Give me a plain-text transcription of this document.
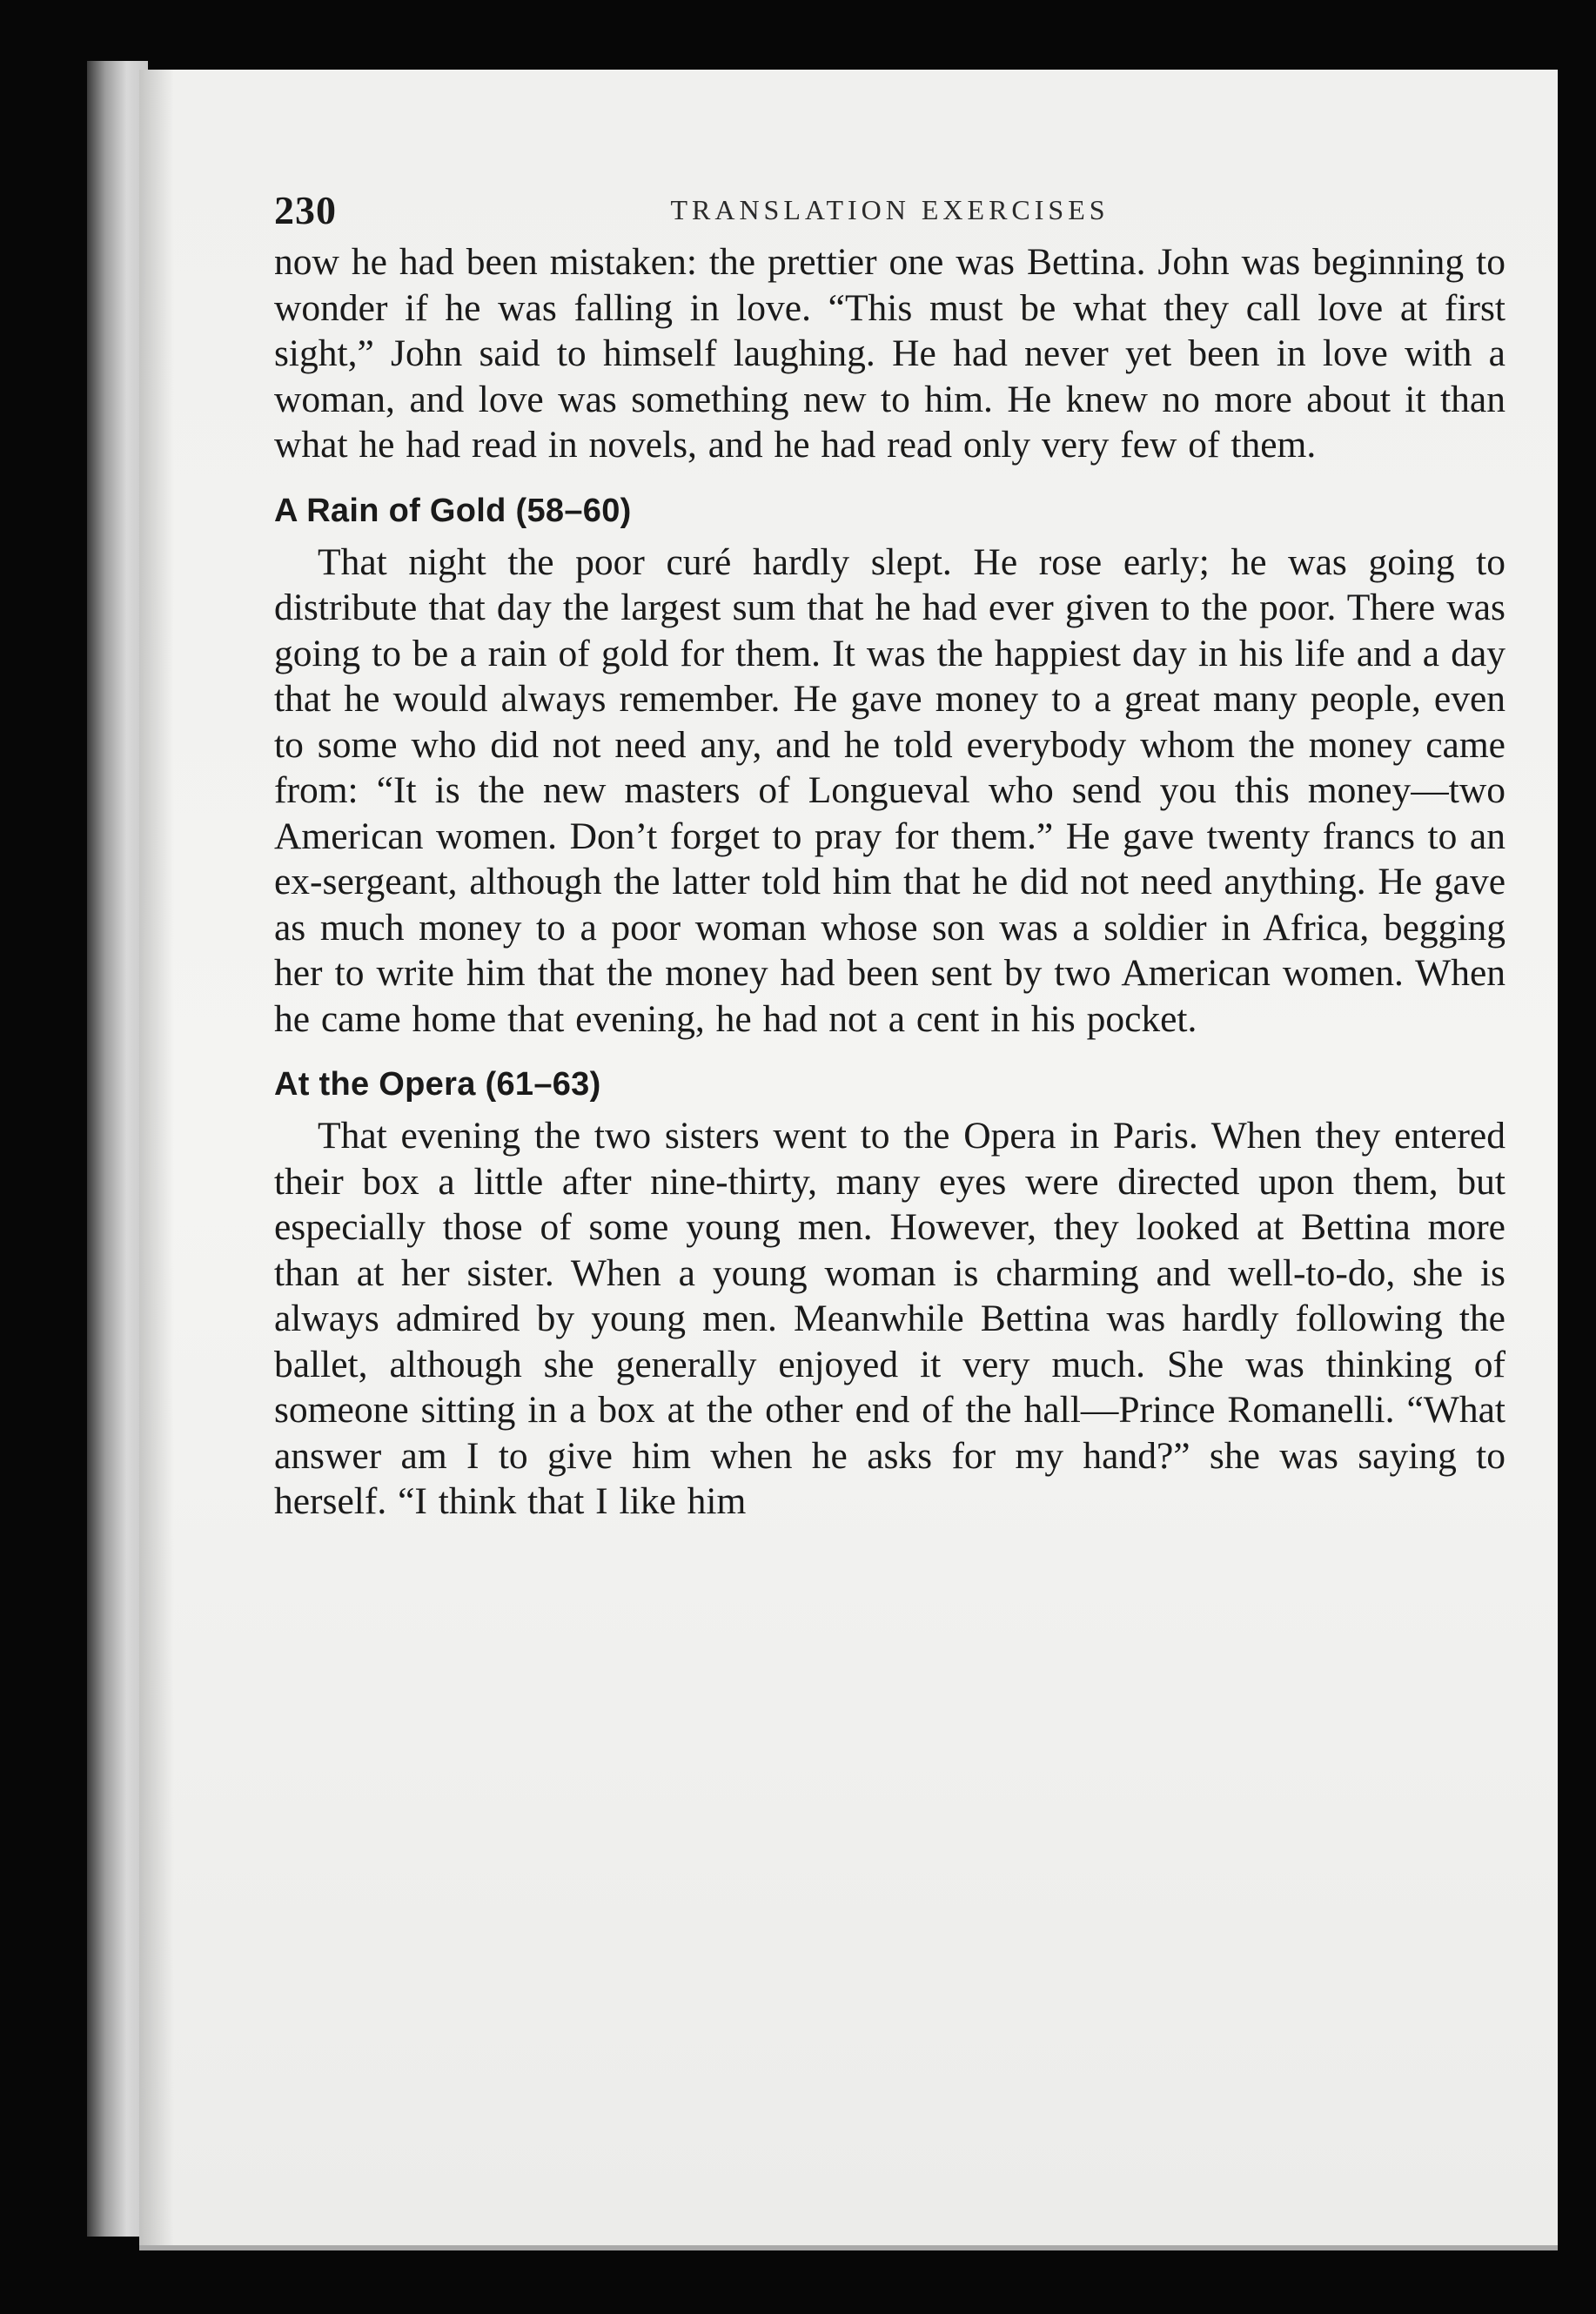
230	TRANSLATION EXERCISES

now he had been mistaken: the prettier one was Bettina. John was beginning to wonder if he was falling in love. “This must be what they call love at first sight,” John said to himself laughing. He had never yet been in love with a woman, and love was something new to him. He knew no more about it than what he had read in novels, and he had read only very few of them.

A Rain of Gold (58–60)

That night the poor curé hardly slept. He rose early; he was going to distribute that day the largest sum that he had ever given to the poor. There was going to be a rain of gold for them. It was the happiest day in his life and a day that he would always remember. He gave money to a great many people, even to some who did not need any, and he told everybody whom the money came from: “It is the new masters of Longueval who send you this money—two American women. Don’t forget to pray for them.” He gave twenty francs to an ex-sergeant, although the latter told him that he did not need anything. He gave as much money to a poor woman whose son was a soldier in Africa, begging her to write him that the money had been sent by two American women. When he came home that evening, he had not a cent in his pocket.

At the Opera (61–63)

That evening the two sisters went to the Opera in Paris. When they entered their box a little after nine-thirty, many eyes were directed upon them, but especially those of some young men. However, they looked at Bettina more than at her sister. When a young woman is charming and well-to-do, she is always admired by young men. Meanwhile Bettina was hardly following the ballet, although she generally enjoyed it very much. She was thinking of someone sitting in a box at the other end of the hall—Prince Romanelli. “What answer am I to give him when he asks for my hand?” she was saying to herself. “I think that I like him
